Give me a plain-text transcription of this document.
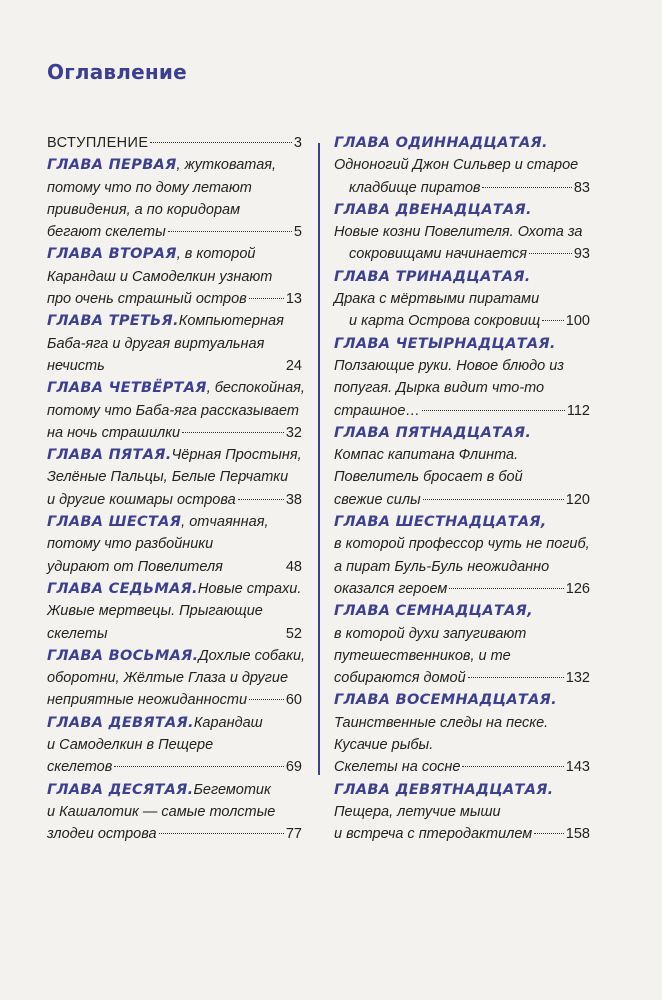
Оглавление
ВСТУПЛЕНИЕ	3
ГЛАВА ПЕРВАЯ , жутковатая,
потому что по дому летают
привидения, а по коридорам
бегают скелеты	5
ГЛАВА ВТОРАЯ , в которой
Карандаш и Самоделкин узнают
про очень страшный остров	13
ГЛАВА ТРЕТЬЯ. Компьютерная
Баба-яга и другая виртуальная
нечисть	24
ГЛАВА ЧЕТВЁРТАЯ , беспокойная,
потому что Баба-яга рассказывает
на ночь страшилки	32
ГЛАВА ПЯТАЯ. Чёрная Простыня,
Зелёные Пальцы, Белые Перчатки
и другие кошмары острова	38
ГЛАВА ШЕСТАЯ , отчаянная,
потому что разбойники
удирают от Повелителя	48
ГЛАВА СЕДЬМАЯ. Новые страхи.
Живые мертвецы. Прыгающие
скелеты	52
ГЛАВА ВОСЬМАЯ. Дохлые собаки,
оборотни, Жёлтые Глаза и другие
неприятные неожиданности	60
ГЛАВА ДЕВЯТАЯ. Карандаш
и Самоделкин в Пещере
скелетов	69
ГЛАВА ДЕСЯТАЯ. Бегемотик
и Кашалотик — самые толстые
злодеи острова	77
ГЛАВА ОДИННАДЦАТАЯ.
Одноногий Джон Сильвер и старое
кладбище пиратов	83
ГЛАВА ДВЕНАДЦАТАЯ.
Новые козни Повелителя. Охота за
сокровищами начинается	93
ГЛАВА ТРИНАДЦАТАЯ.
Драка с мёртвыми пиратами
и карта Острова сокровищ 100
ГЛАВА ЧЕТЫРНАДЦАТАЯ.
Ползающие руки. Новое блюдо из
попугая. Дырка видит что-то
страшное…	112
ГЛАВА ПЯТНАДЦАТАЯ.
Компас капитана Флинта.
Повелитель бросает в бой
свежие силы	120
ГЛАВА ШЕСТНАДЦАТАЯ,
в которой профессор чуть не погиб,
а пират Буль-Буль неожиданно
оказался героем	126
ГЛАВА СЕМНАДЦАТАЯ,
в которой духи запугивают
путешественников, и те
собираются домой	132
ГЛАВА ВОСЕМНАДЦАТАЯ.
Таинственные следы на песке.
Кусачие рыбы.
Скелеты на сосне	143
ГЛАВА ДЕВЯТНАДЦАТАЯ.
Пещера, летучие мыши
и встреча с птеродактилем 158
